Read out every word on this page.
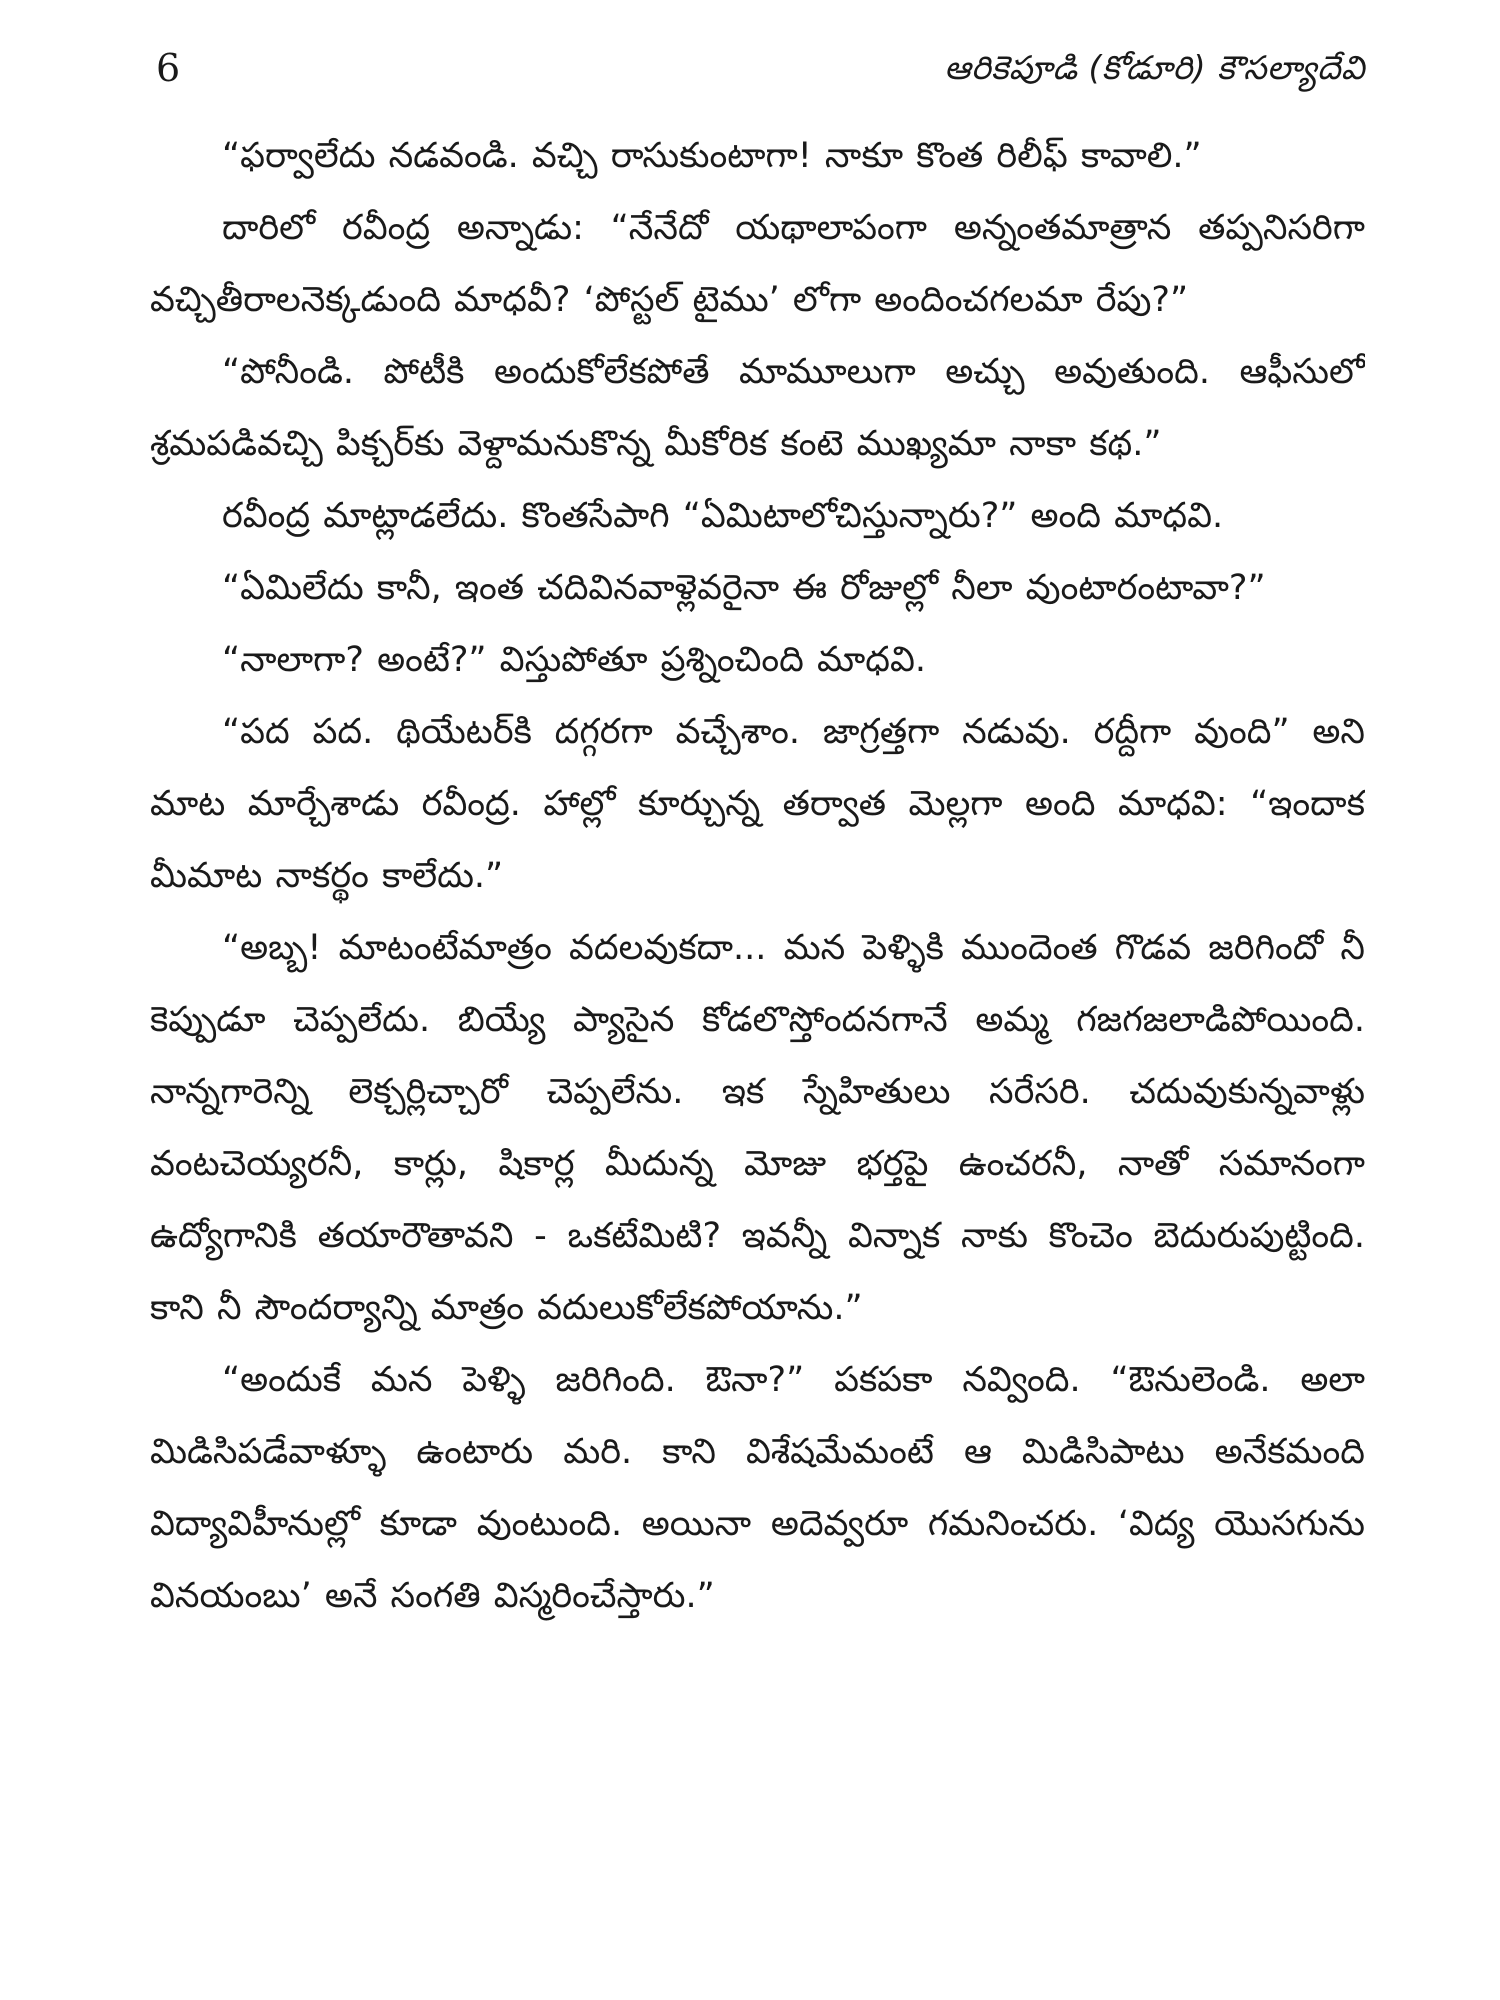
6	ఆరికెపూడి (కోడూరి) కౌసల్యాదేవి

“ఫర్వాలేదు నడవండి. వచ్చి రాసుకుంటాగా! నాకూ కొంత రిలీఫ్ కావాలి.”

దారిలో రవీంద్ర అన్నాడు: “నేనేదో యథాలాపంగా అన్నంతమాత్రాన తప్పనిసరిగా వచ్చితీరాలనెక్కడుంది మాధవీ? ‘పోస్టల్ టైము’ లోగా అందించగలమా రేపు?”

“పోనీండి. పోటీకి అందుకోలేకపోతే మామూలుగా అచ్చు అవుతుంది. ఆఫీసులో శ్రమపడివచ్చి పిక్చర్‌కు వెళ్దామనుకొన్న మీకోరిక కంటె ముఖ్యమా నాకా కథ.”

రవీంద్ర మాట్లాడలేదు. కొంతసేపాగి “ఏమిటాలోచిస్తున్నారు?” అంది మాధవి.

“ఏమిలేదు కానీ, ఇంత చదివినవాళ్లెవరైనా ఈ రోజుల్లో నీలా వుంటారంటావా?”

“నాలాగా? అంటే?” విస్తుపోతూ ప్రశ్నించింది మాధవి.

“పద పద. థియేటర్‌కి దగ్గరగా వచ్చేశాం. జాగ్రత్తగా నడువు. రద్దీగా వుంది” అని మాట మార్చేశాడు రవీంద్ర. హాల్లో కూర్చున్న తర్వాత మెల్లగా అంది మాధవి: “ఇందాక మీమాట నాకర్థం కాలేదు.”

“అబ్బ! మాటంటేమాత్రం వదలవుకదా... మన పెళ్ళికి ముందెంత గొడవ జరిగిందో నీ కెప్పుడూ చెప్పలేదు. బియ్యే ప్యాసైన కోడలొస్తోందనగానే అమ్మ గజగజలాడిపోయింది. నాన్నగారెన్ని లెక్చర్లిచ్చారో చెప్పలేను. ఇక స్నేహితులు సరేసరి. చదువుకున్నవాళ్లు వంటచెయ్యరనీ, కార్లు, షికార్ల మీదున్న మోజు భర్తపై ఉంచరనీ, నాతో సమానంగా ఉద్యోగానికి తయారౌతావని - ఒకటేమిటి? ఇవన్నీ విన్నాక నాకు కొంచెం బెదురుపుట్టింది. కాని నీ సౌందర్యాన్ని మాత్రం వదులుకోలేకపోయాను.”

“అందుకే మన పెళ్ళి జరిగింది. ఔనా?” పకపకా నవ్వింది. “ఔనులెండి. అలా మిడిసిపడేవాళ్ళూ ఉంటారు మరి. కాని విశేషమేమంటే ఆ మిడిసిపాటు అనేకమంది విద్యావిహీనుల్లో కూడా వుంటుంది. అయినా అదెవ్వరూ గమనించరు. ‘విద్య యొసగును వినయంబు’ అనే సంగతి విస్మరించేస్తారు.”
